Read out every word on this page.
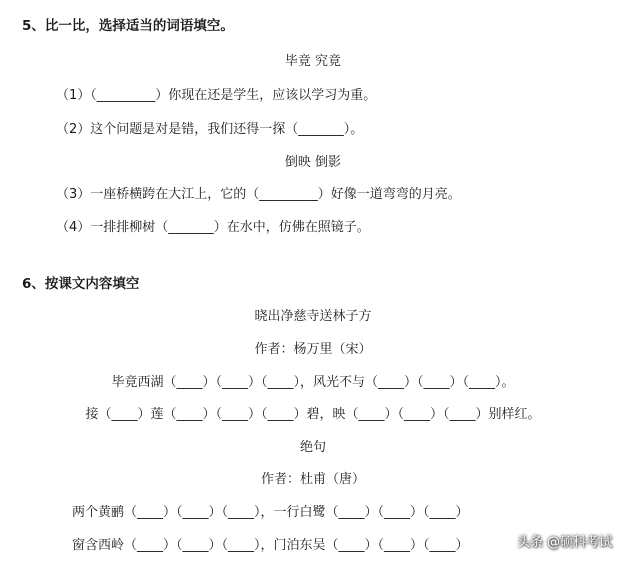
5、比一比，选择适当的词语填空。
毕竟 究竟
（1）（_________）你现在还是学生，应该以学习为重。
（2）这个问题是对是错，我们还得一探（_______）。
倒映 倒影
（3）一座桥横跨在大江上，它的（_________）好像一道弯弯的月亮。
（4）一排排柳树（_______）在水中，仿佛在照镜子。
6、按课文内容填空
晓出净慈寺送林子方
作者：杨万里（宋）
毕竟西湖（____）（____）（____），风光不与（____）（____）（____）。
接（____）莲（____）（____）（____）碧，映（____）（____）（____）别样红。
绝句
作者：杜甫（唐）
两个黄鹂（____）（____）（____），一行白鹭（____）（____）（____）
窗含西岭（____）（____）（____），门泊东吴（____）（____）（____）	头条 @硕科考试
